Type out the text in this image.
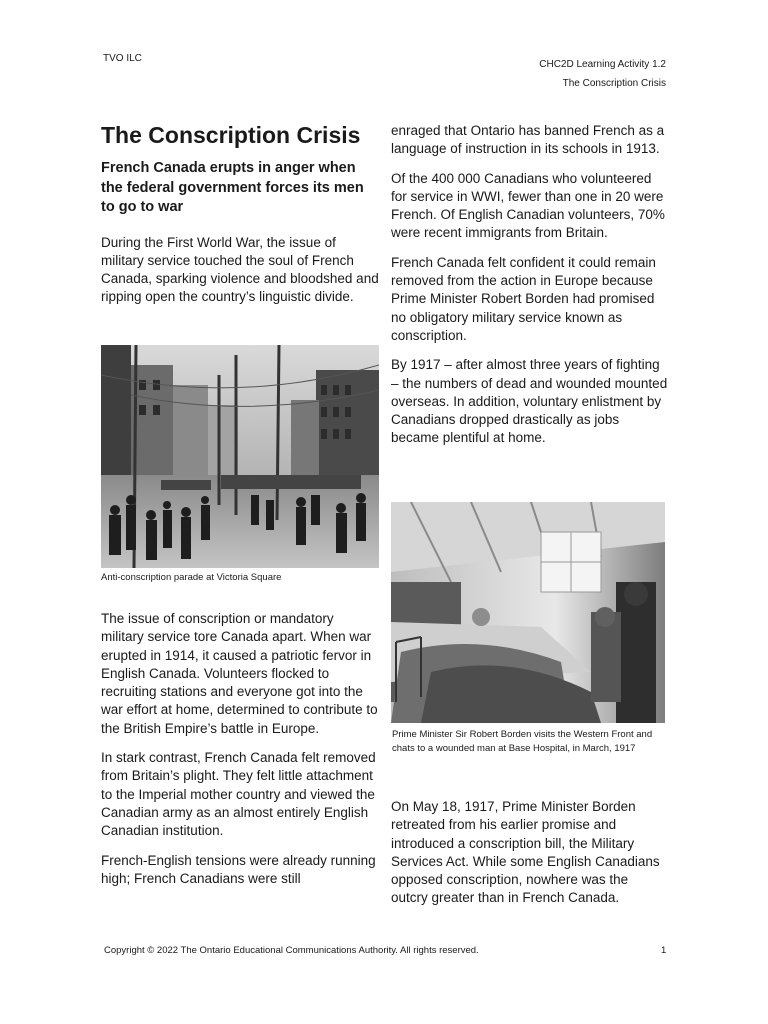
TVO ILC
CHC2D Learning Activity 1.2
The Conscription Crisis
The Conscription Crisis
French Canada erupts in anger when the federal government forces its men to go to war

During the First World War, the issue of military service touched the soul of French Canada, sparking violence and bloodshed and ripping open the country’s linguistic divide.

Anti-conscription parade at Victoria Square

The issue of conscription or mandatory military service tore Canada apart. When war erupted in 1914, it caused a patriotic fervor in English Canada. Volunteers flocked to recruiting stations and everyone got into the war effort at home, determined to contribute to the British Empire’s battle in Europe.

In stark contrast, French Canada felt removed from Britain’s plight. They felt little attachment to the Imperial mother country and viewed the Canadian army as an almost entirely English Canadian institution.

French-English tensions were already running high; French Canadians were still

enraged that Ontario has banned French as a language of instruction in its schools in 1913.

Of the 400 000 Canadians who volunteered for service in WWI, fewer than one in 20 were French. Of English Canadian volunteers, 70% were recent immigrants from Britain.

French Canada felt confident it could remain removed from the action in Europe because Prime Minister Robert Borden had promised no obligatory military service known as conscription.

By 1917 – after almost three years of fighting – the numbers of dead and wounded mounted overseas. In addition, voluntary enlistment by Canadians dropped drastically as jobs became plentiful at home.

Prime Minister Sir Robert Borden visits the Western Front and chats to a wounded man at Base Hospital, in March, 1917

On May 18, 1917, Prime Minister Borden retreated from his earlier promise and introduced a conscription bill, the Military Services Act. While some English Canadians opposed conscription, nowhere was the outcry greater than in French Canada.

Copyright © 2022 The Ontario Educational Communications Authority. All rights reserved.	1
